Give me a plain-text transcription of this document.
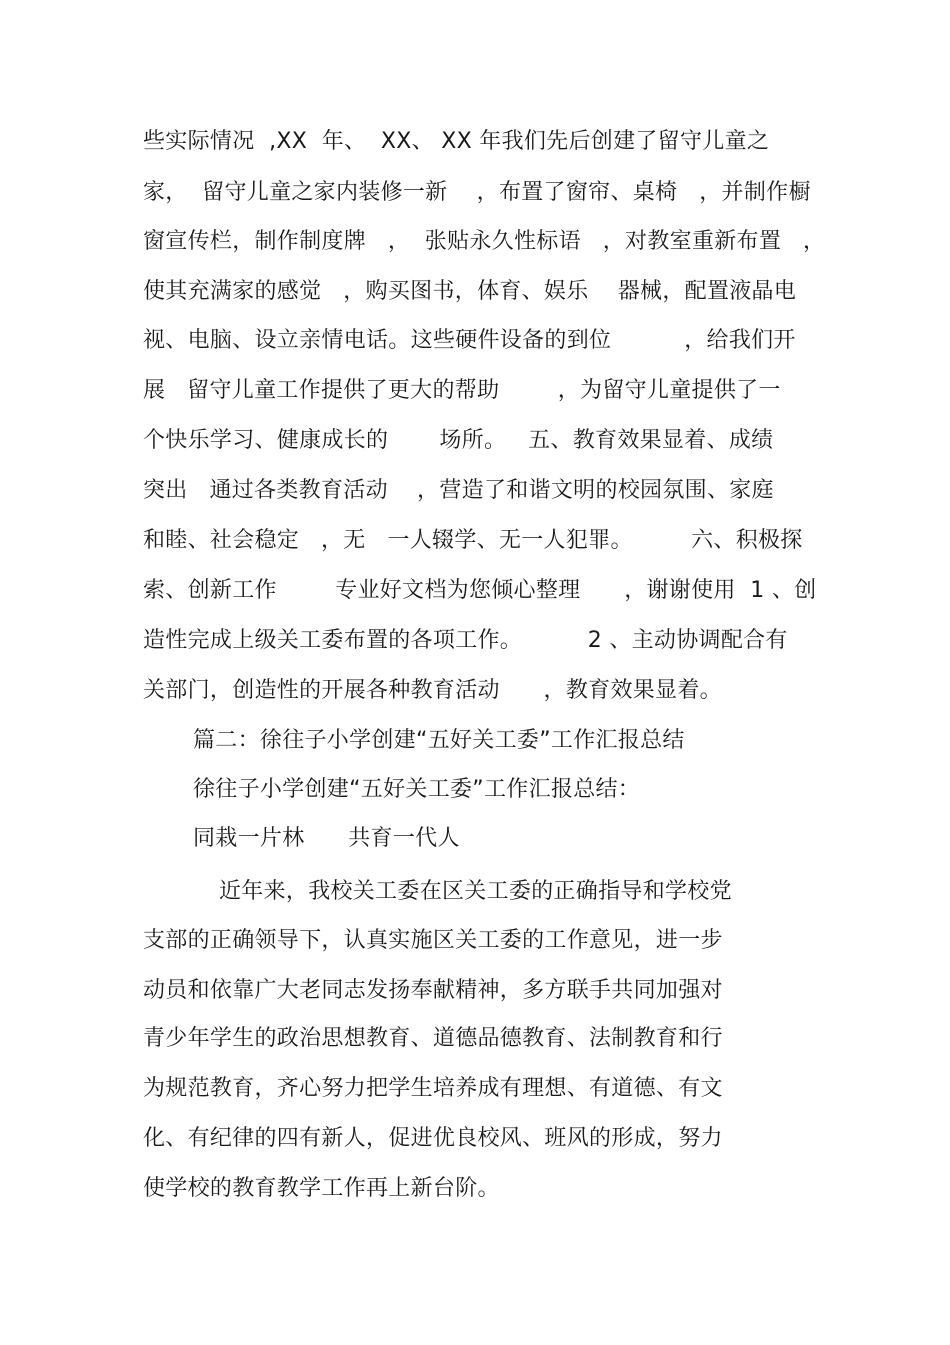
些实际情况  ,XX  年、  XX、 XX 年我们先后创建了留守儿童之
家，  留守儿童之家内装修一新    ，布置了窗帘、桌椅   ，并制作橱
窗宣传栏，制作制度牌   ，  张贴永久性标语   ，对教室重新布置   ，
使其充满家的感觉   ，购买图书，体育、娱乐    器械，配置液晶电
视、电脑、设立亲情电话。这些硬件设备的到位          ，给我们开
展   留守儿童工作提供了更大的帮助        ，为留守儿童提供了一
个快乐学习、健康成长的       场所。   五、教育效果显着、成绩
突出   通过各类教育活动    ，营造了和谐文明的校园氛围、家庭
和睦、社会稳定   ，无   一人辍学、无一人犯罪。        六、积极探
索、创新工作        专业好文档为您倾心整理      ，谢谢使用  1 、创
造性完成上级关工委布置的各项工作。         2 、主动协调配合有
关部门，创造性的开展各种教育活动      ，教育效果显着。
篇二：徐往子小学创建“五好关工委”工作汇报总结
徐往子小学创建“五好关工委”工作汇报总结：
同栽一片林      共育一代人
近年来，我校关工委在区关工委的正确指导和学校党
支部的正确领导下，认真实施区关工委的工作意见，进一步
动员和依靠广大老同志发扬奉献精神，多方联手共同加强对
青少年学生的政治思想教育、道德品德教育、法制教育和行
为规范教育，齐心努力把学生培养成有理想、有道德、有文
化、有纪律的四有新人，促进优良校风、班风的形成，努力
使学校的教育教学工作再上新台阶。
